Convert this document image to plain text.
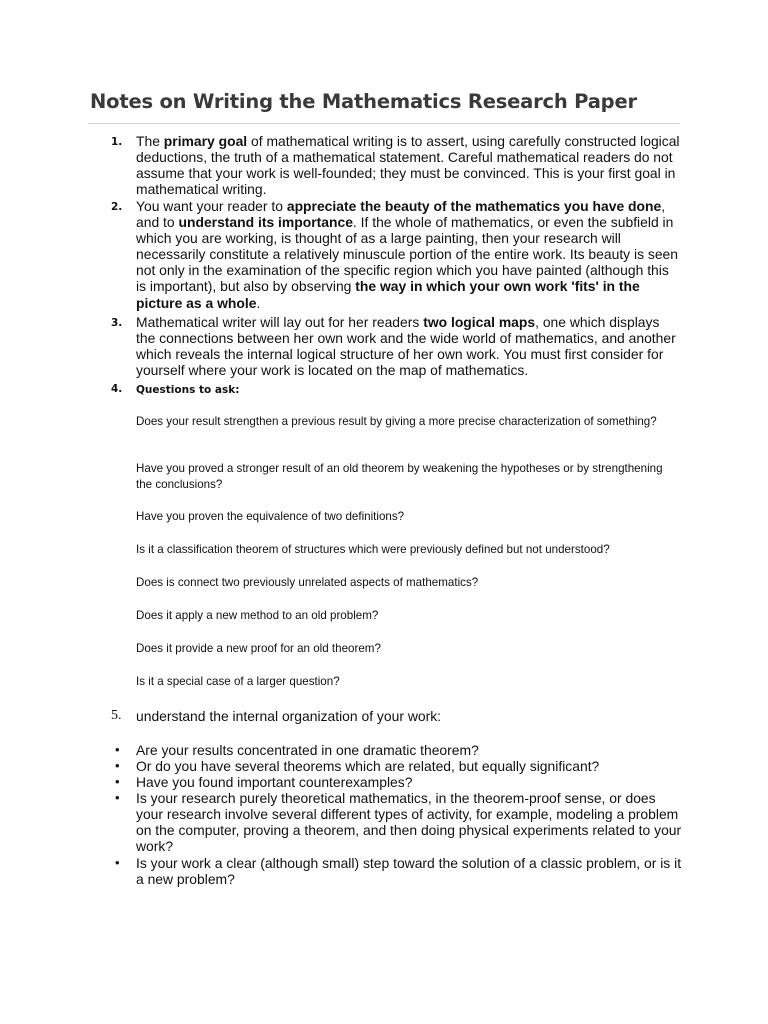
Notes on Writing the Mathematics Research Paper
1. The primary goal of mathematical writing is to assert, using carefully constructed logical deductions, the truth of a mathematical statement. Careful mathematical readers do not assume that your work is well-founded; they must be convinced. This is your first goal in mathematical writing.
2. You want your reader to appreciate the beauty of the mathematics you have done, and to understand its importance. If the whole of mathematics, or even the subfield in which you are working, is thought of as a large painting, then your research will necessarily constitute a relatively minuscule portion of the entire work. Its beauty is seen not only in the examination of the specific region which you have painted (although this is important), but also by observing the way in which your own work 'fits' in the picture as a whole.
3. Mathematical writer will lay out for her readers two logical maps, one which displays the connections between her own work and the wide world of mathematics, and another which reveals the internal logical structure of her own work. You must first consider for yourself where your work is located on the map of mathematics.
4. Questions to ask:
Does your result strengthen a previous result by giving a more precise characterization of something?
Have you proved a stronger result of an old theorem by weakening the hypotheses or by strengthening the conclusions?
Have you proven the equivalence of two definitions?
Is it a classification theorem of structures which were previously defined but not understood?
Does is connect two previously unrelated aspects of mathematics?
Does it apply a new method to an old problem?
Does it provide a new proof for an old theorem?
Is it a special case of a larger question?
5. understand the internal organization of your work:
• Are your results concentrated in one dramatic theorem?
• Or do you have several theorems which are related, but equally significant?
• Have you found important counterexamples?
• Is your research purely theoretical mathematics, in the theorem-proof sense, or does your research involve several different types of activity, for example, modeling a problem on the computer, proving a theorem, and then doing physical experiments related to your work?
• Is your work a clear (although small) step toward the solution of a classic problem, or is it a new problem?
